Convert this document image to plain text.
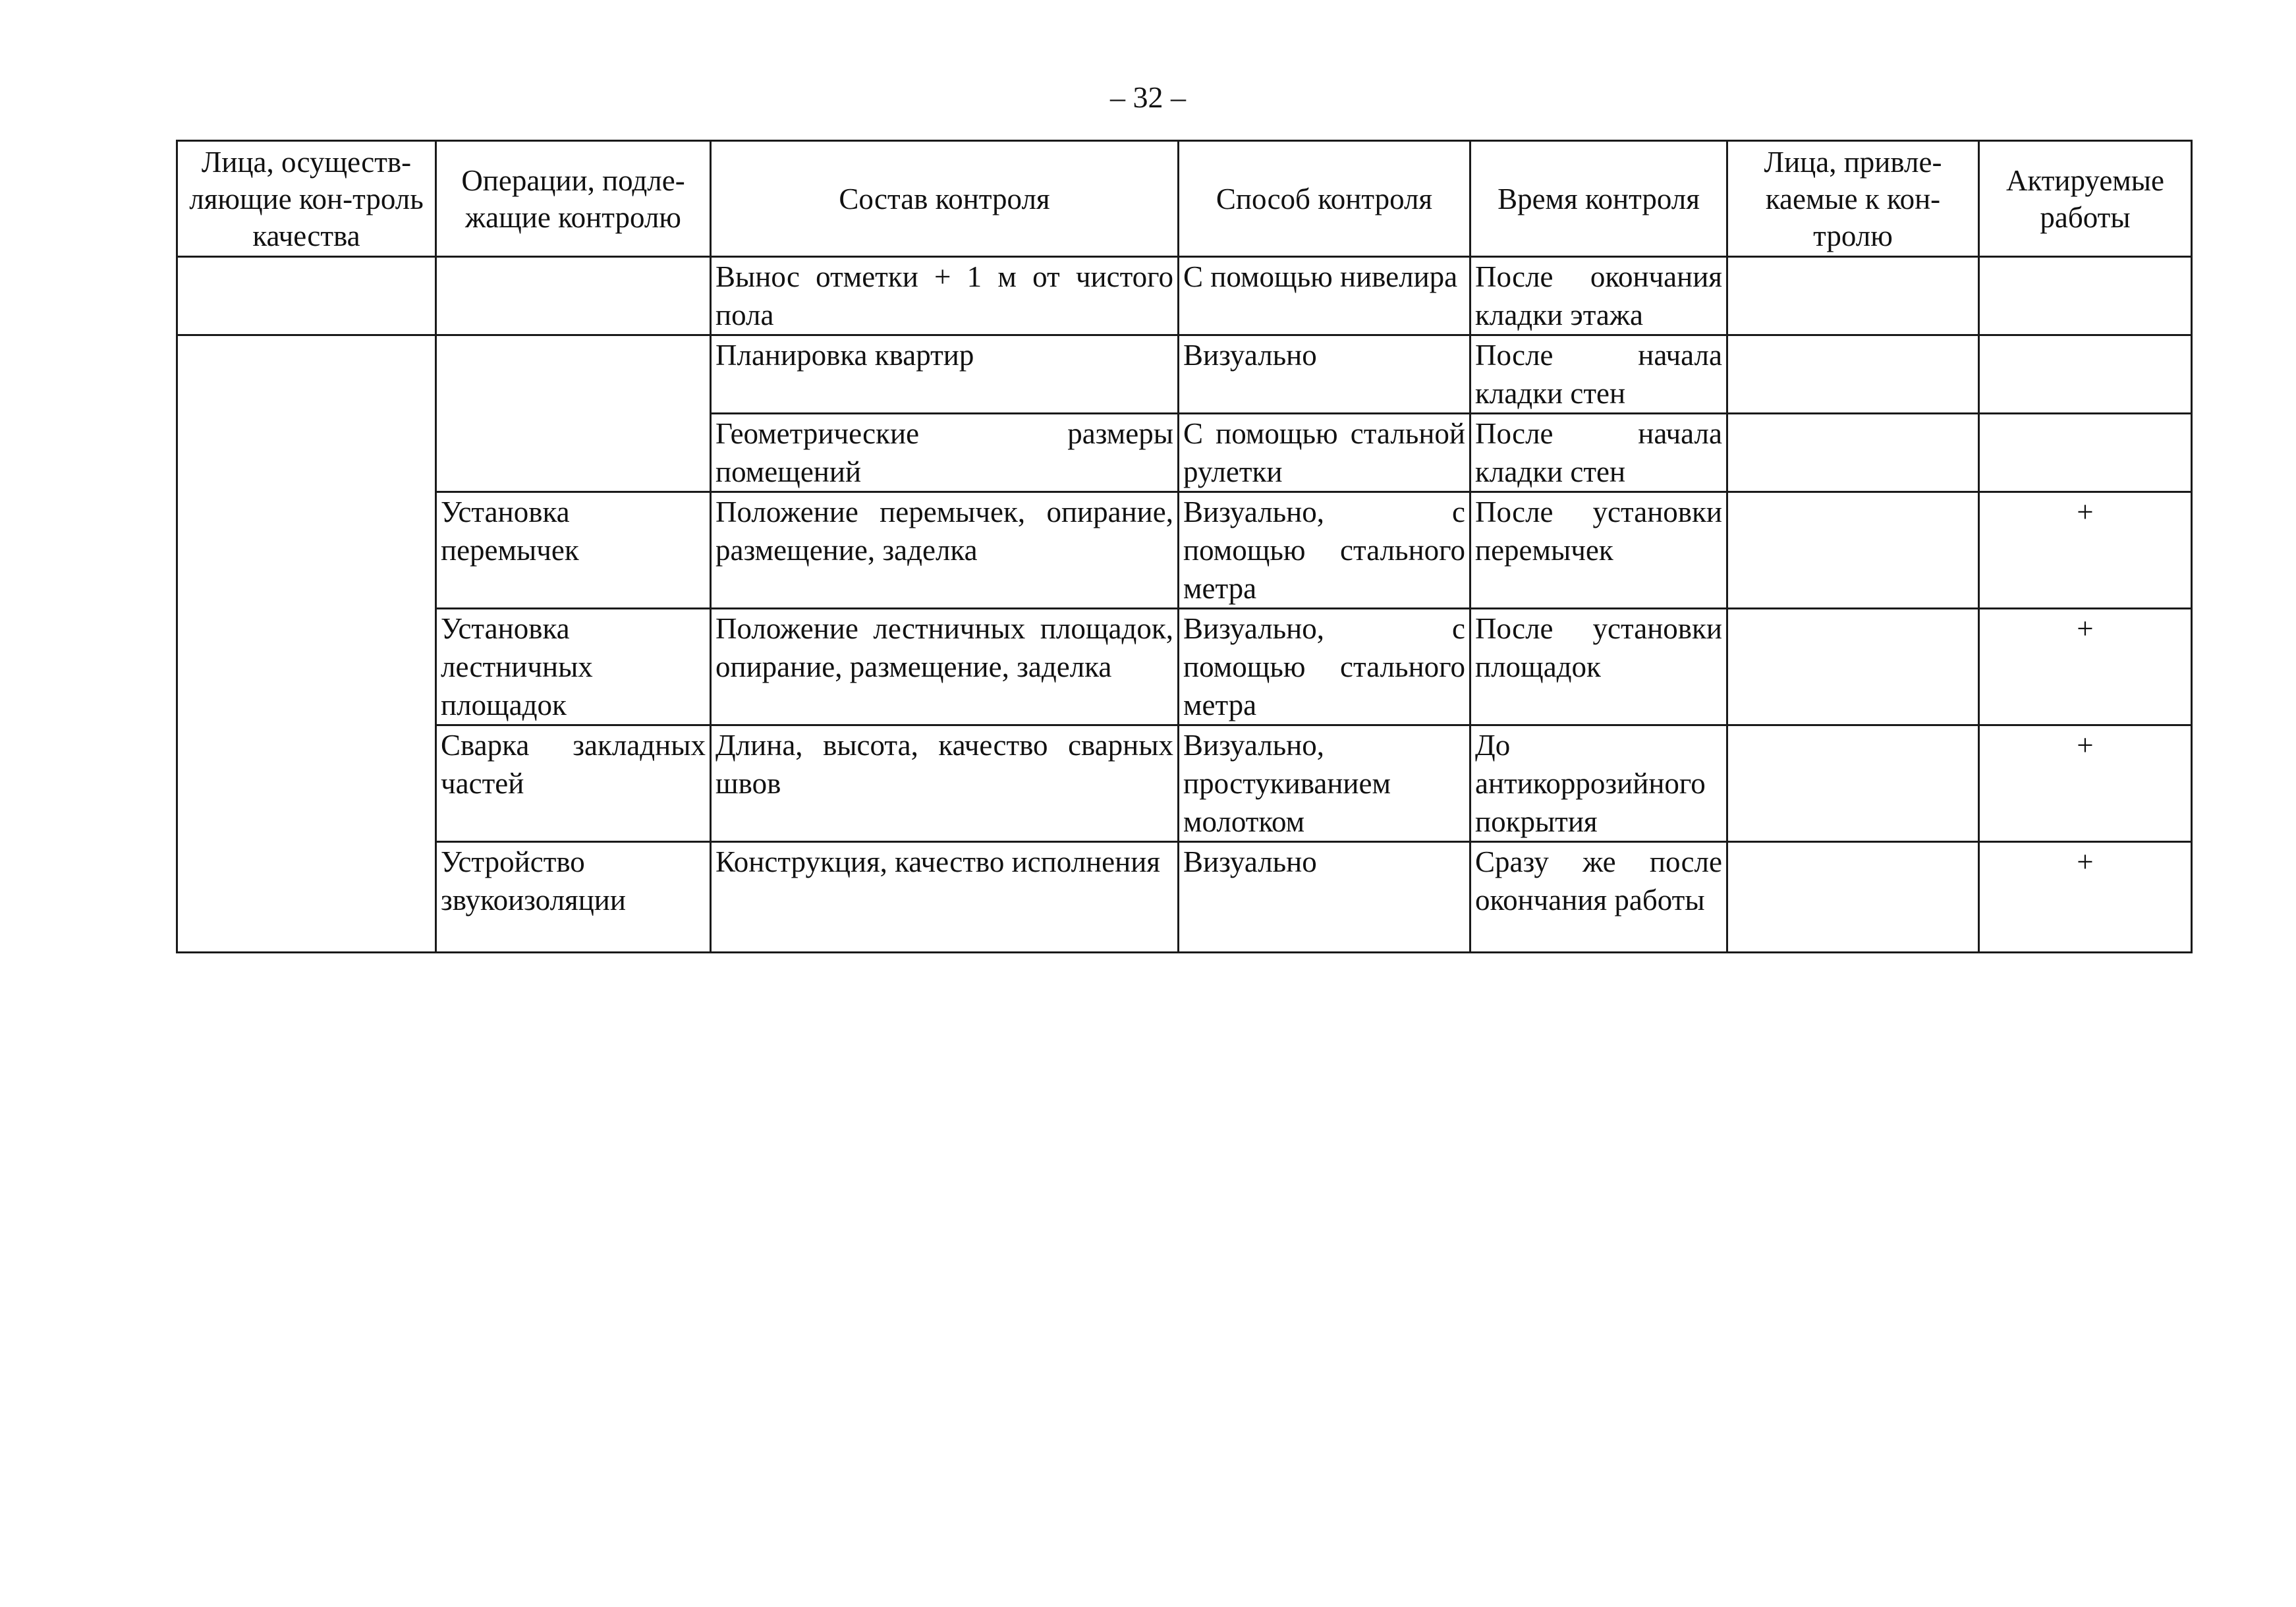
– 32 –
Лица, осуществ-ляющие кон-троль качества	Операции, подле-жащие контролю	Состав контроля	Способ контроля	Время контроля	Лица, привле-каемые к кон-тролю	Актируемые работы
		Вынос отметки + 1 м от чистого пола	С помощью нивелира	После окончания кладки этажа		
		Планировка квартир	Визуально	После начала кладки стен		
		Геометрические размеры помещений	С помощью стальной рулетки	После начала кладки стен		
	Установка перемычек	Положение перемычек, опирание, размещение, заделка	Визуально, с помощью стального метра	После установки перемычек		+
	Установка лестничных площадок	Положение лестничных площадок, опирание, размещение, заделка	Визуально, с помощью стального метра	После установки площадок		+
	Сварка закладных частей	Длина, высота, качество сварных швов	Визуально, простукиванием молотком	До антикоррозийного покрытия		+
	Устройство звукоизоляции	Конструкция, качество исполнения	Визуально	Сразу же после окончания работы		+
